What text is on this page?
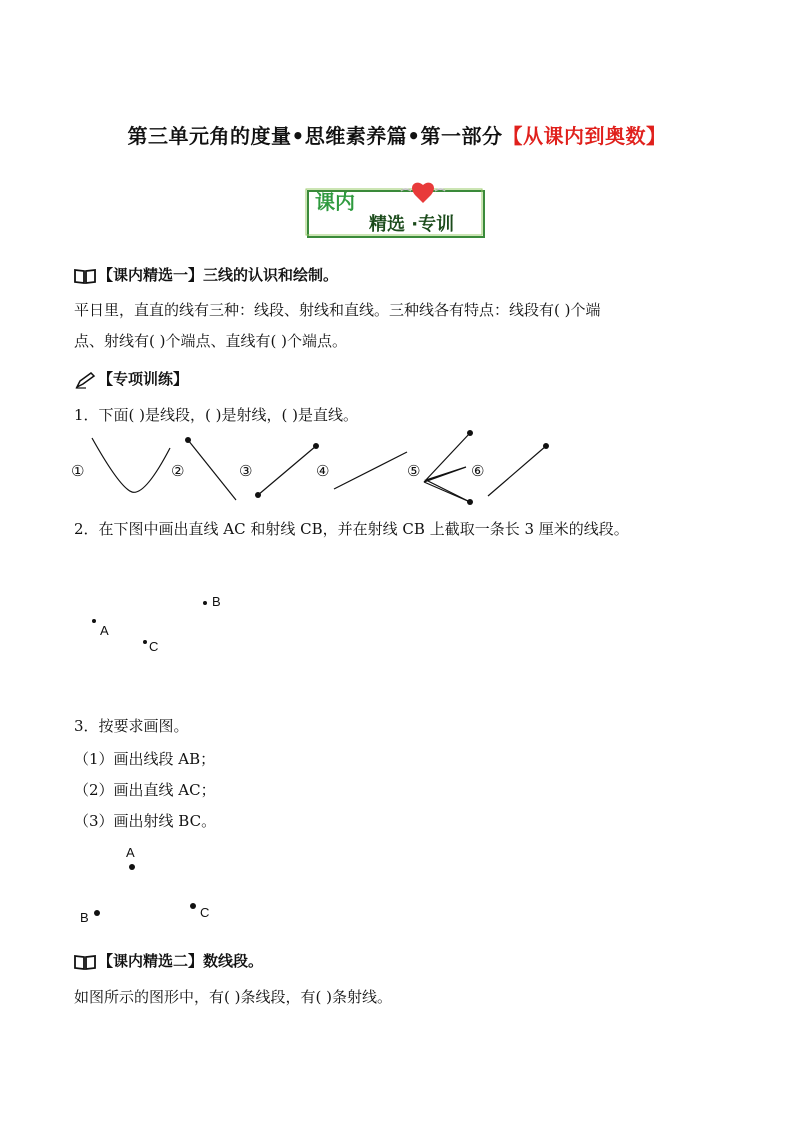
第三单元角的度量•思维素养篇•第一部分【从课内到奥数】
课内
精选 ·专训
【课内精选一】三线的认识和绘制。
平日里，直直的线有三种：线段、射线和直线。三种线各有特点：线段有( )个端
点、射线有( )个端点、直线有( )个端点。
【专项训练】
1．下面( )是线段，( )是射线，( )是直线。
①	②	③	④	⑤	⑥
2．在下图中画出直线 AC 和射线 CB，并在射线 CB 上截取一条长 3 厘米的线段。
B
A
C
3．按要求画图。
（1）画出线段 AB；
（2）画出直线 AC；
（3）画出射线 BC。
A
B	C
【课内精选二】数线段。
如图所示的图形中，有( )条线段，有( )条射线。
